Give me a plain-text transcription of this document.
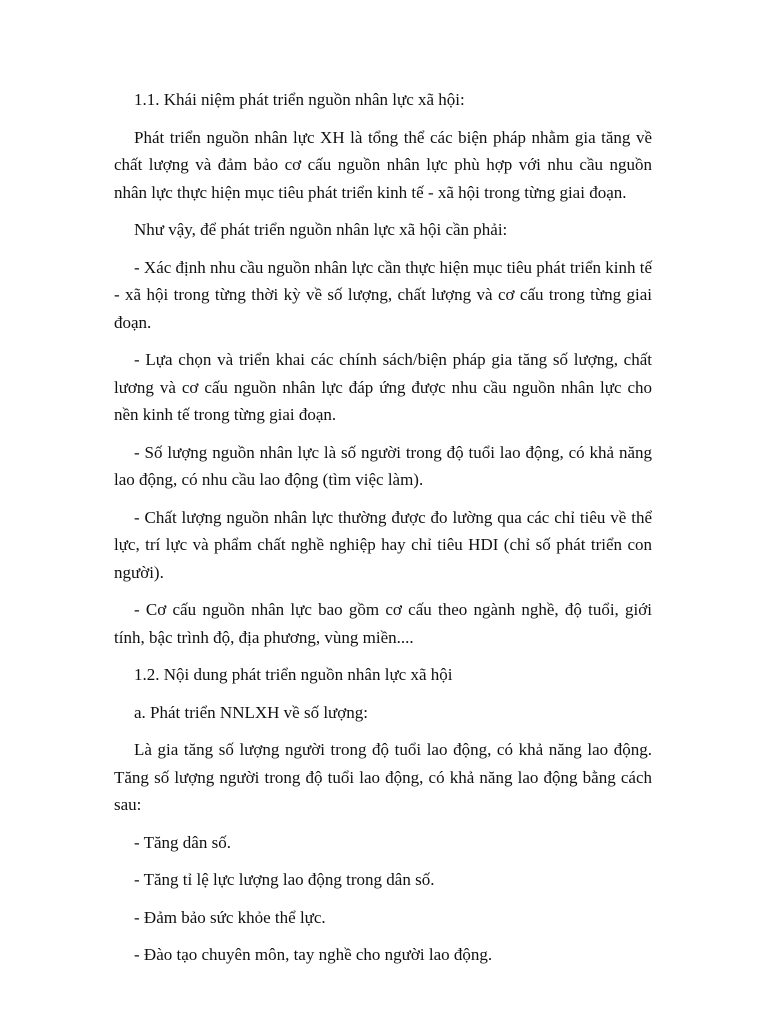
1.1. Khái niệm phát triển nguồn nhân lực xã hội:

Phát triển nguồn nhân lực XH là tổng thể các biện pháp nhằm gia tăng về chất lượng và đảm bảo cơ cấu nguồn nhân lực phù hợp với nhu cầu nguồn nhân lực thực hiện mục tiêu phát triển kinh tế - xã hội trong từng giai đoạn.

Như vậy, để phát triển nguồn nhân lực xã hội cần phải:

- Xác định nhu cầu nguồn nhân lực cần thực hiện mục tiêu phát triển kinh tế - xã hội trong từng thời kỳ về số lượng, chất lượng và cơ cấu trong từng giai đoạn.

- Lựa chọn và triển khai các chính sách/biện pháp gia tăng số lượng, chất lương và cơ cấu nguồn nhân lực đáp ứng được nhu cầu nguồn nhân lực cho nền kinh tế trong từng giai đoạn.

- Số lượng nguồn nhân lực là số người trong độ tuổi lao động, có khả năng lao động, có nhu cầu lao động (tìm việc làm).

- Chất lượng nguồn nhân lực thường được đo lường qua các chỉ tiêu về thể lực, trí lực và phẩm chất nghề nghiệp hay chỉ tiêu HDI (chỉ số phát triển con người).

- Cơ cấu nguồn nhân lực bao gồm cơ cấu theo ngành nghề, độ tuổi, giới tính, bậc trình độ, địa phương, vùng miền....

1.2. Nội dung phát triển nguồn nhân lực xã hội

a. Phát triển NNLXH về số lượng:

Là gia tăng số lượng người trong độ tuổi lao động, có khả năng lao động. Tăng số lượng người trong độ tuổi lao động, có khả năng lao động bằng cách sau:

- Tăng dân số.

- Tăng tỉ lệ lực lượng lao động trong dân số.

- Đảm bảo sức khỏe thể lực.

- Đào tạo chuyên môn, tay nghề cho người lao động.
